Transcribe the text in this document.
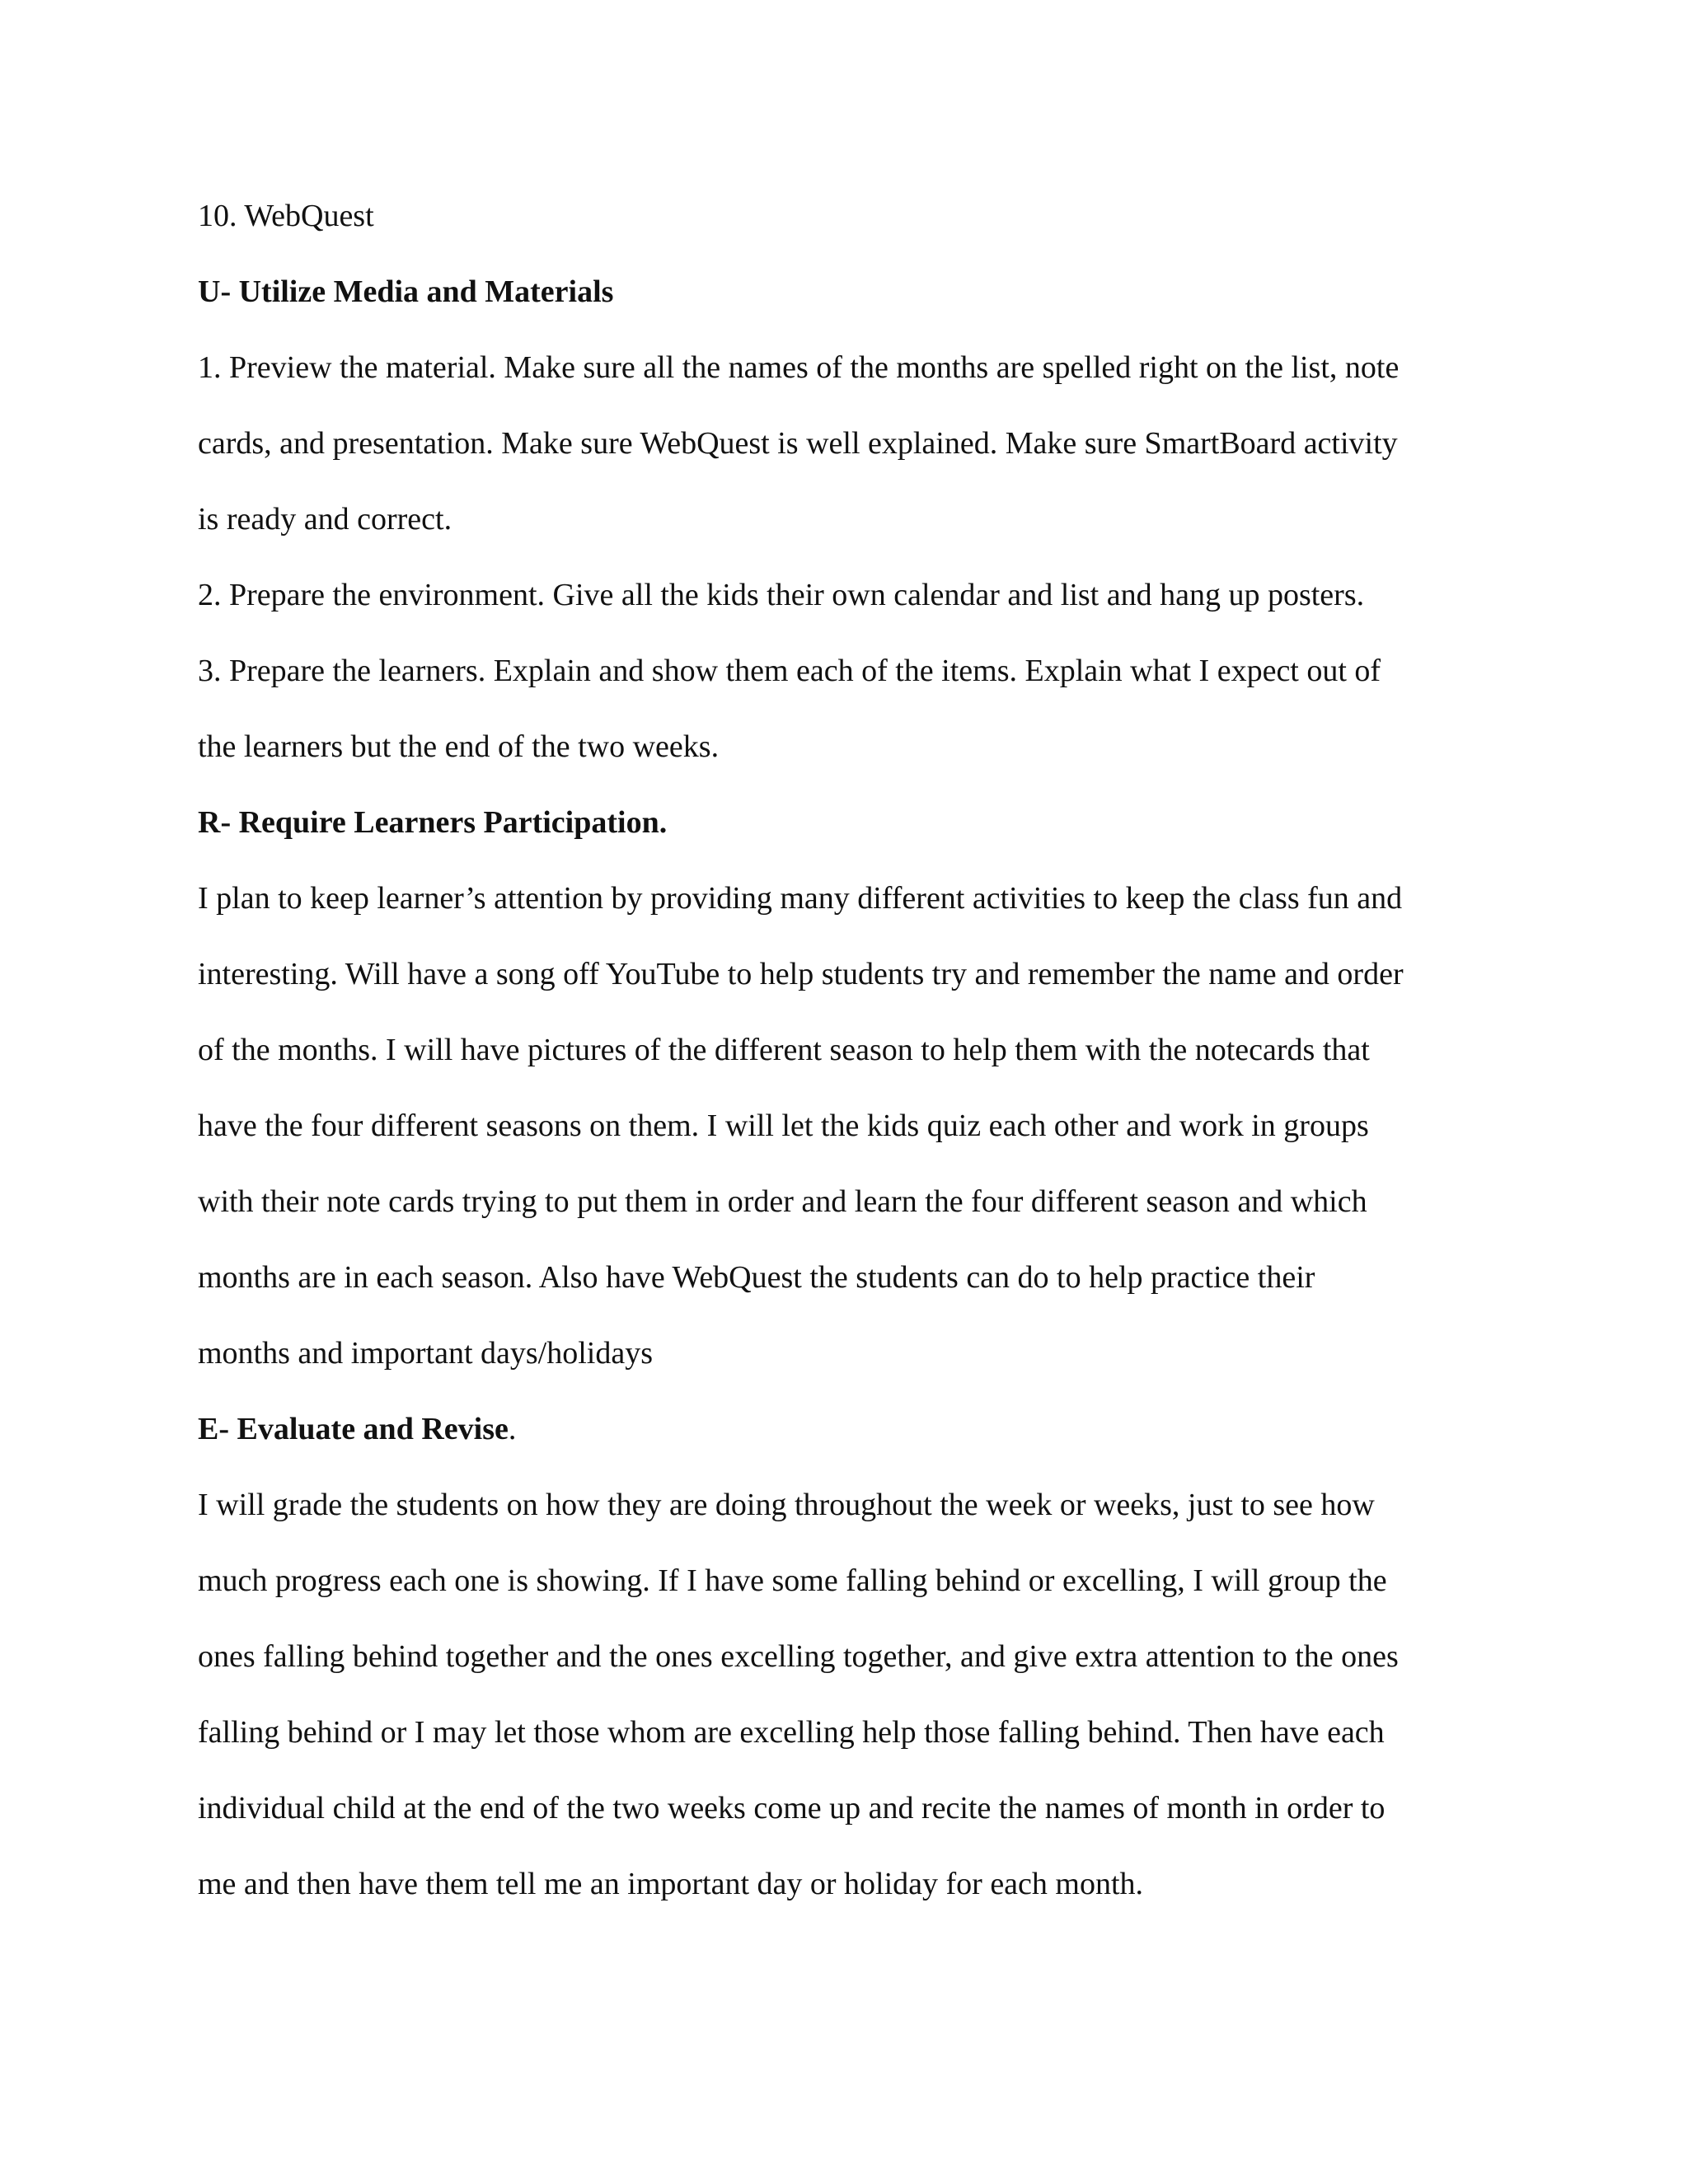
10. WebQuest
U- Utilize Media and Materials
1. Preview the material. Make sure all the names of the months are spelled right on the list, note
cards, and presentation. Make sure WebQuest is well explained. Make sure SmartBoard activity
is ready and correct.
2. Prepare the environment. Give all the kids their own calendar and list and hang up posters.
3. Prepare the learners. Explain and show them each of the items. Explain what I expect out of
the learners but the end of the two weeks.
R- Require Learners Participation.
I plan to keep learner’s attention by providing many different activities to keep the class fun and
interesting. Will have a song off YouTube to help students try and remember the name and order
of the months. I will have pictures of the different season to help them with the notecards that
have the four different seasons on them. I will let the kids quiz each other and work in groups
with their note cards trying to put them in order and learn the four different season and which
months are in each season. Also have WebQuest the students can do to help practice their
months and important days/holidays
E- Evaluate and Revise.
I will grade the students on how they are doing throughout the week or weeks, just to see how
much progress each one is showing. If I have some falling behind or excelling, I will group the
ones falling behind together and the ones excelling together, and give extra attention to the ones
falling behind or I may let those whom are excelling help those falling behind. Then have each
individual child at the end of the two weeks come up and recite the names of month in order to
me and then have them tell me an important day or holiday for each month.
